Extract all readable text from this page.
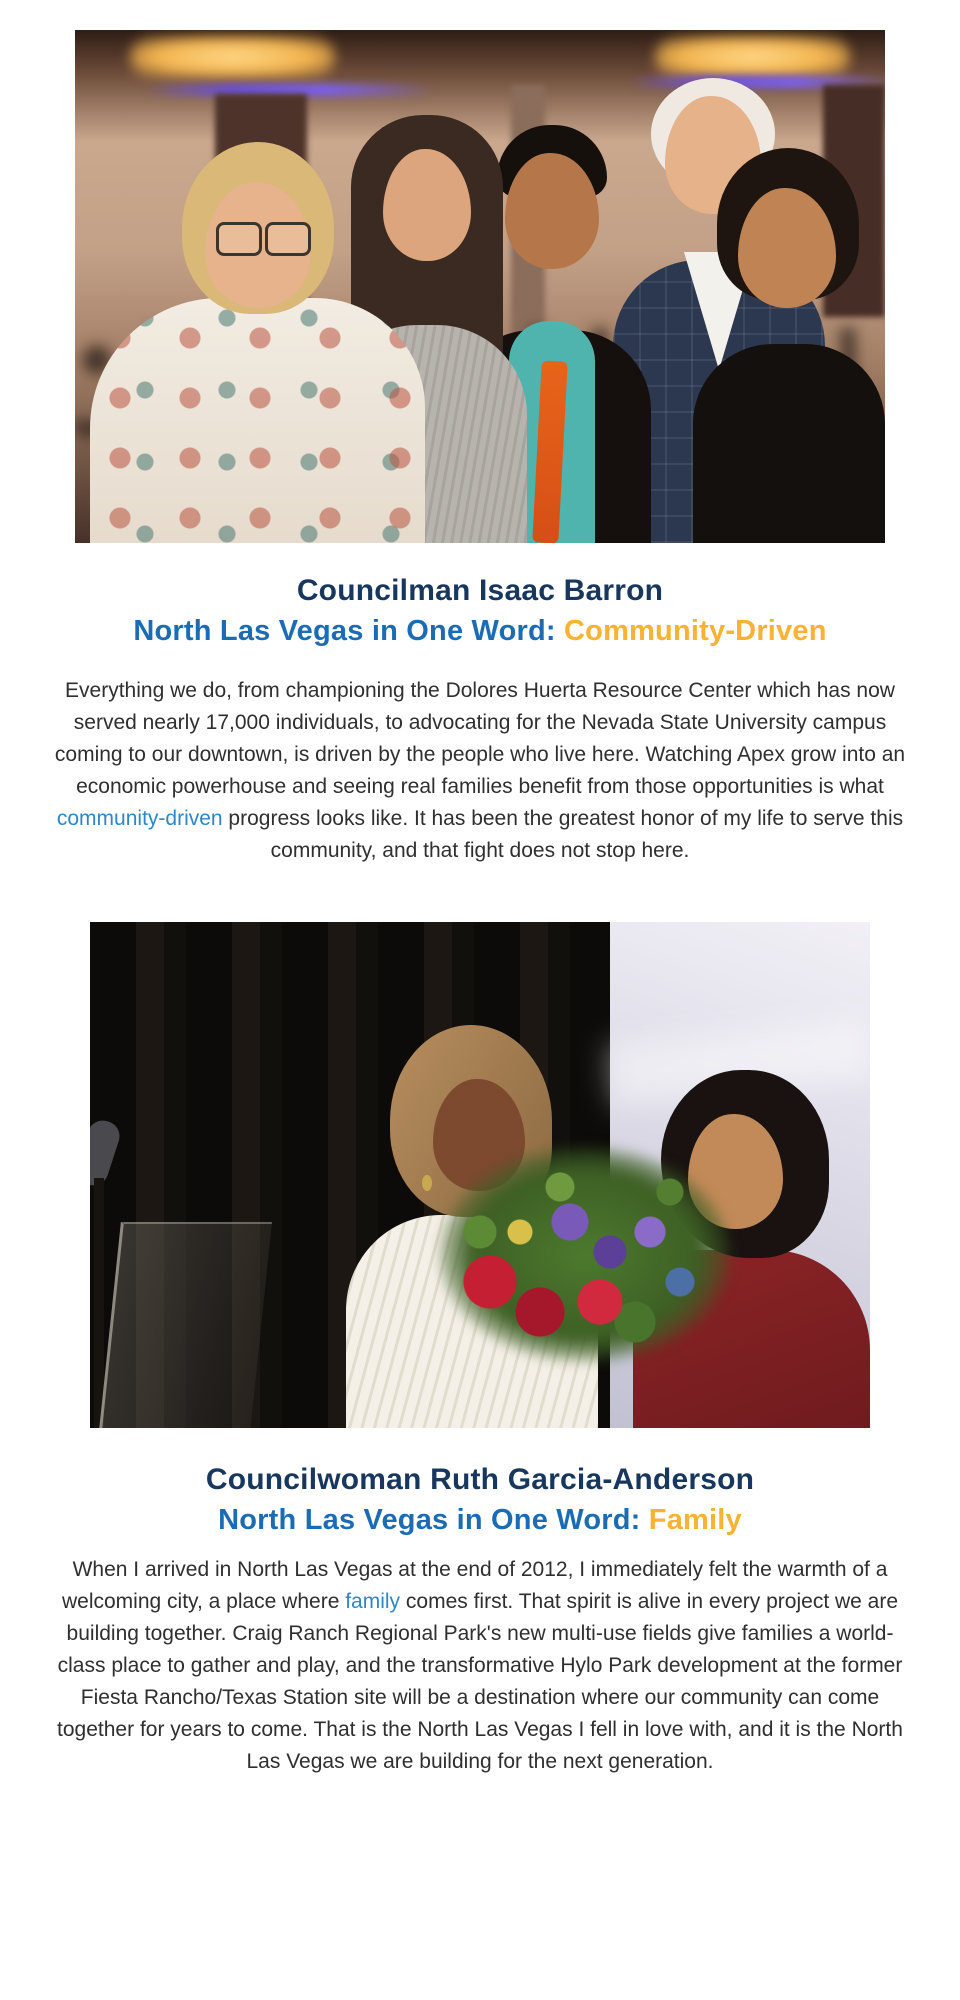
Councilman Isaac Barron
North Las Vegas in One Word: Community-Driven

Everything we do, from championing the Dolores Huerta Resource Center which has now served nearly 17,000 individuals, to advocating for the Nevada State University campus coming to our downtown, is driven by the people who live here. Watching Apex grow into an economic powerhouse and seeing real families benefit from those opportunities is what community-driven progress looks like. It has been the greatest honor of my life to serve this community, and that fight does not stop here.

Councilwoman Ruth Garcia-Anderson
North Las Vegas in One Word: Family

When I arrived in North Las Vegas at the end of 2012, I immediately felt the warmth of a welcoming city, a place where family comes first. That spirit is alive in every project we are building together. Craig Ranch Regional Park's new multi-use fields give families a world-class place to gather and play, and the transformative Hylo Park development at the former Fiesta Rancho/Texas Station site will be a destination where our community can come together for years to come. That is the North Las Vegas I fell in love with, and it is the North Las Vegas we are building for the next generation.
